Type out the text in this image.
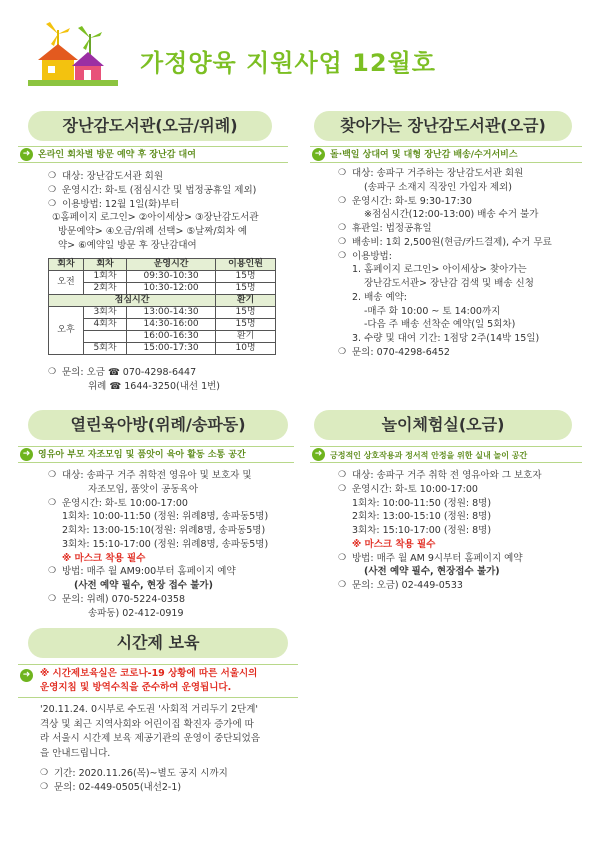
가정양육 지원사업 12월호
장난감도서관(오금/위례)
➜ 온라인 회차별 방문 예약 후 장난감 대여
❍ 대상: 장난감도서관 회원
❍ 운영시간: 화-토 (점심시간 및 법정공휴일 제외)
❍ 이용방법: 12월 1일(화)부터
①홈페이지 로그인> ②아이세상> ③장난감도서관
방문예약> ④오금/위례 선택> ⑤날짜/회차 예
약> ⑥예약일 방문 후 장난감대여
회차	회차	운영시간	이용인원
오전	1회차	09:30-10:30	15명
	2회차	10:30-12:00	15명
점심시간			환기
오후	3회차	13:00-14:30	15명
	4회차	14:30-16:00	15명
		16:00-16:30	환기
	5회차	15:00-17:30	10명
❍ 문의: 오금 ☎ 070-4298-6447
위례 ☎ 1644-3250(내선 1번)
찾아가는 장난감도서관(오금)
➜ 돌·백일 상대여 및 대형 장난감 배송/수거서비스
❍ 대상: 송파구 거주하는 장난감도서관 회원
(송파구 소재지 직장인 가입자 제외)
❍ 운영시간: 화-토 9:30-17:30
※점심시간(12:00-13:00) 배송 수거 불가
❍ 휴관일: 법정공휴일
❍ 배송비: 1회 2,500원(현금/카드결제), 수거 무료
❍ 이용방법:
1. 홈페이지 로그인> 아이세상> 찾아가는
장난감도서관> 장난감 검색 및 배송 신청
2. 배송 예약:
-매주 화 10:00 ~ 토 14:00까지
-다음 주 배송 선착순 예약(일 5회차)
3. 수량 및 대여 기간: 1점당 2주(14박 15일)
❍ 문의: 070-4298-6452
열린육아방(위례/송파동)
➜ 영유아 부모 자조모임 및 품앗이 육아 활동 소통 공간
❍ 대상: 송파구 거주 취학전 영유아 및 보호자 및
자조모임, 품앗이 공동육아
❍ 운영시간: 화-토 10:00-17:00
1회차: 10:00-11:50 (정원: 위례8명, 송파동5명)
2회차: 13:00-15:10(정원: 위례8명, 송파동5명)
3회차: 15:10-17:00 (정원: 위례8명, 송파동5명)
※ 마스크 착용 필수
❍ 방법: 매주 월 AM9:00부터 홈페이지 예약
(사전 예약 필수, 현장 접수 불가)
❍ 문의: 위례) 070-5224-0358
송파동) 02-412-0919
놀이체험실(오금)
➜ 긍정적인 상호작용과 정서적 안정을 위한 실내 놀이 공간
❍ 대상: 송파구 거주 취학 전 영유아와 그 보호자
❍ 운영시간: 화-토 10:00-17:00
1회차: 10:00-11:50 (정원: 8명)
2회차: 13:00-15:10 (정원: 8명)
3회차: 15:10-17:00 (정원: 8명)
※ 마스크 착용 필수
❍ 방법: 매주 월 AM 9시부터 홈페이지 예약
(사전 예약 필수, 현장접수 불가)
❍ 문의: 오금) 02-449-0533
시간제 보육
➜ ※ 시간제보육실은 코로나-19 상황에 따른 서울시의
운영지침 및 방역수칙을 준수하여 운영됩니다.
'20.11.24. 0시부로 수도권 '사회적 거리두기 2단계'
격상 및 최근 지역사회와 어린이집 확진자 증가에 따
라 서울시 시간제 보육 제공기관의 운영이 중단되었음
을 안내드립니다.
❍ 기간: 2020.11.26(목)~별도 공지 시까지
❍ 문의: 02-449-0505(내선2-1)
